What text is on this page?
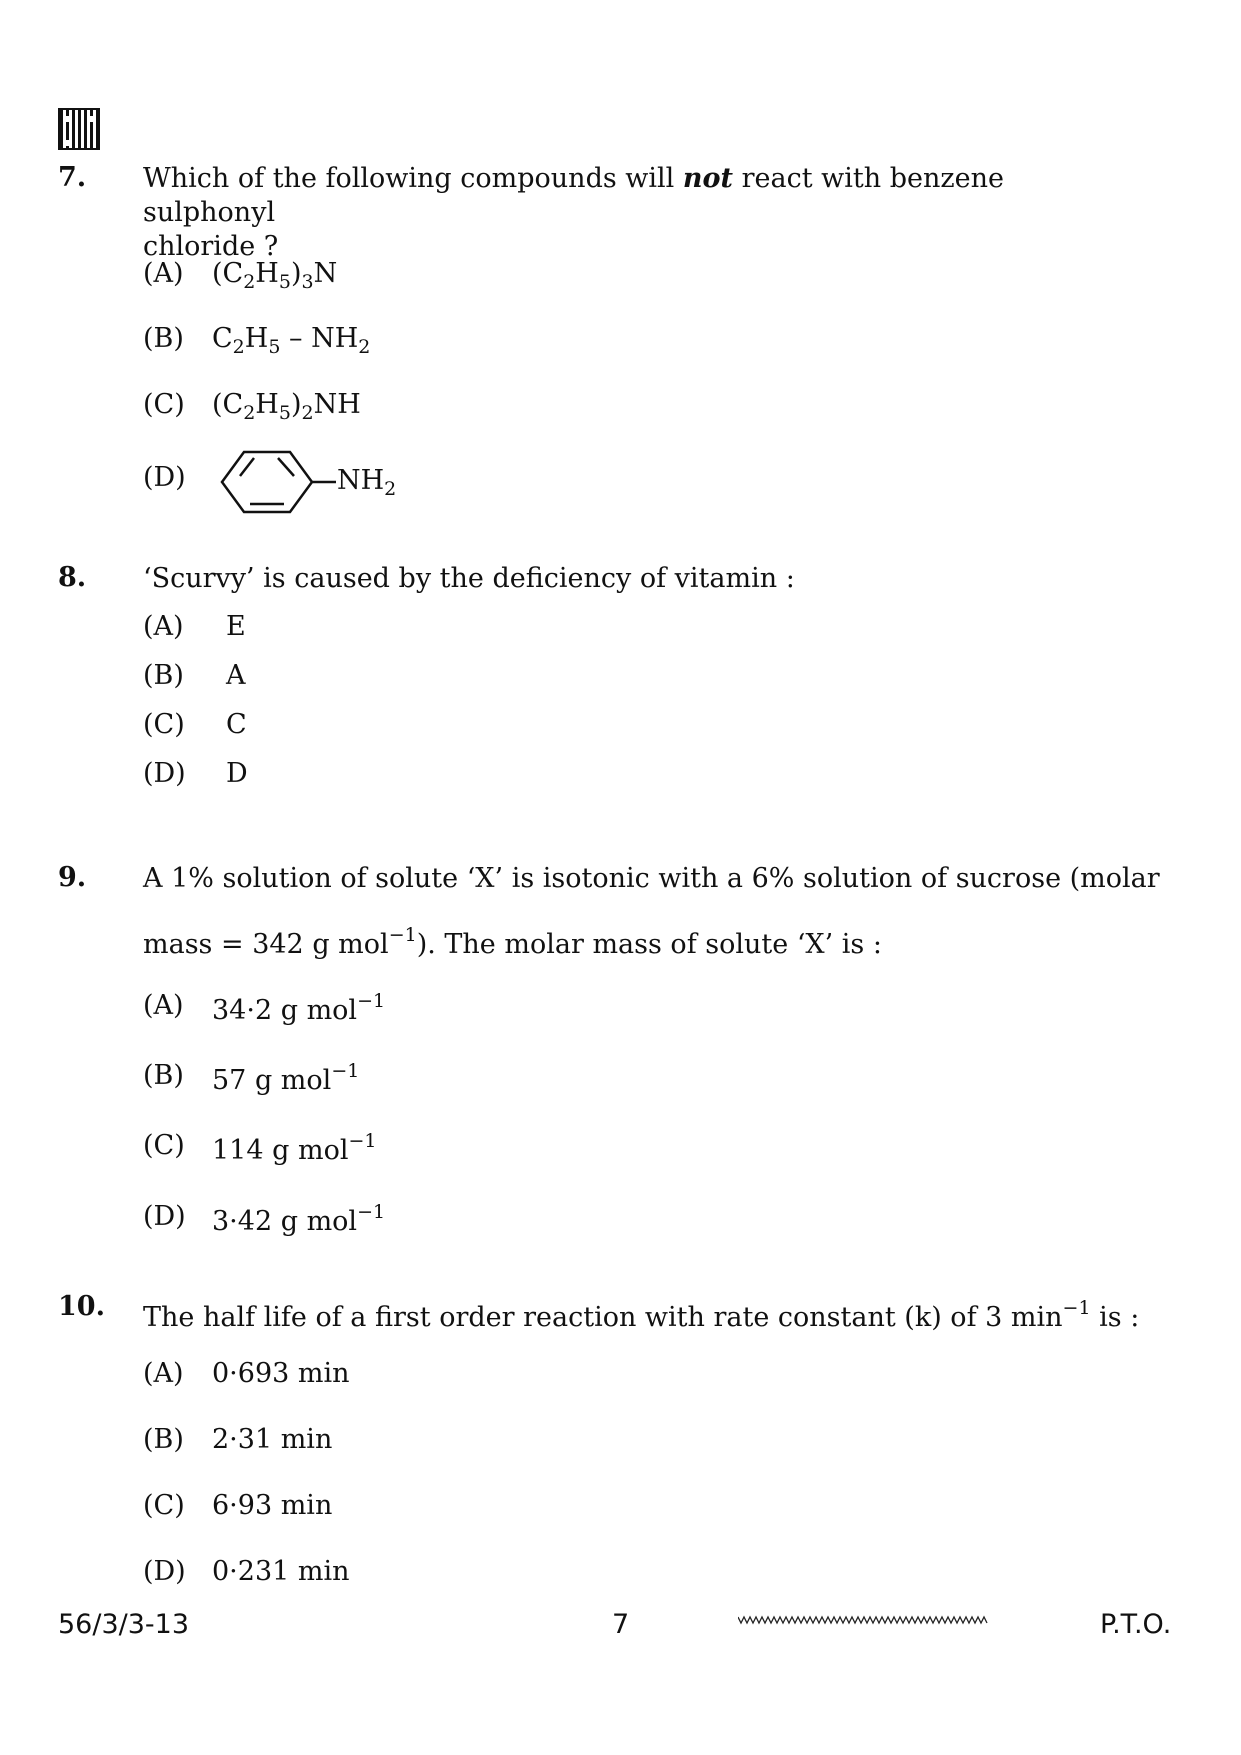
7. Which of the following compounds will not react with benzene sulphonyl
chloride ?
(A) $(C_2H_5)_3N$
(B) $C_2H_5 - NH_2$
(C) $(C_2H_5)_2NH$
(D)	$NH_2$
8. ‘Scurvy’ is caused by the deficiency of vitamin :
(A) E
(B) A
(C) C
(D) D
9. A 1% solution of solute ‘X’ is isotonic with a 6% solution of sucrose (molar
mass = 342 g mol$^{-1}$). The molar mass of solute ‘X’ is :
(A) 34·2 g mol$^{-1}$
(B) 57 g mol$^{-1}$
(C) 114 g mol$^{-1}$
(D) 3·42 g mol$^{-1}$
10. The half life of a first order reaction with rate constant (k) of 3 $\min^{-1}$ is :
(A) 0·693 min
(B) 2·31 min
(C) 6·93 min
(D) 0·231 min
56/3/3-13	7	P.T.O.
